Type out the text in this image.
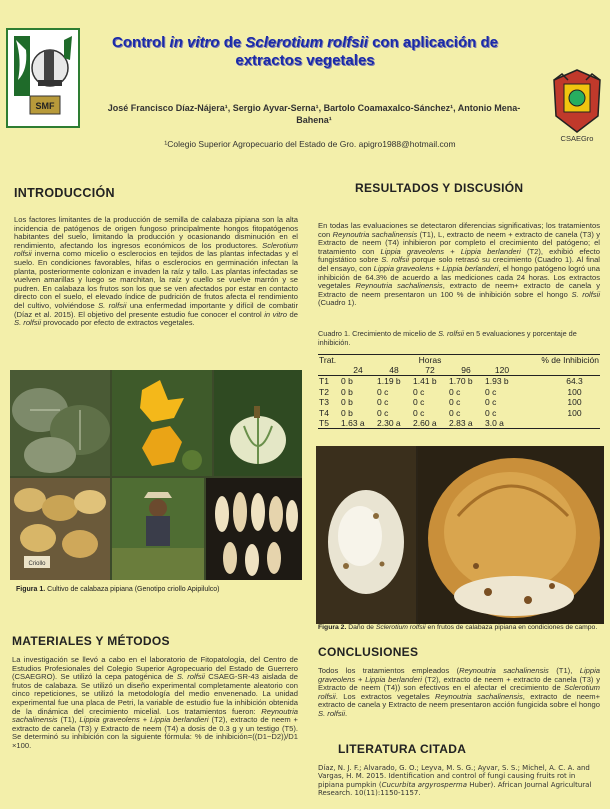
SMF
CSAEGro
Control in vitro de Sclerotium rolfsii con aplicación de extractos vegetales
José Francisco Díaz-Nájera¹, Sergio Ayvar-Serna¹, Bartolo Coamaxalco-Sánchez¹, Antonio Mena-Bahena¹
¹Colegio Superior Agropecuario del Estado de Gro. apigro1988@hotmail.com
INTRODUCCIÓN
Los factores limitantes de la producción de semilla de calabaza pipiana son la alta incidencia de patógenos de origen fungoso principalmente hongos fitopatógenos habitantes del suelo, limitando la producción y ocasionando disminución en el rendimiento, afectando los ingresos económicos de los productores. Sclerotium rolfsii inverna como micelio o esclerocios en tejidos de las plantas infectadas y el suelo. En condiciones favorables, hifas o esclerocios en germinación infectan la planta, posteriormente colonizan e invaden la raíz y tallo. Las plantas infectadas se vuelven amarillas y luego se marchitan, la raíz y cuello se vuelve marrón y se pudren. En calabaza los frutos son los que se ven afectados por estar en contacto directo con el suelo, el elevado índice de pudrición de frutos afecta el rendimiento del cultivo, volviéndose S. rolfsii una enfermedad importante y difícil de combatir (Díaz et al. 2015). El objetivo del presente estudio fue conocer el control in vitro de S. rolfsii provocado por efecto de extractos vegetales.
Criollo
Figura 1. Cultivo de calabaza pipiana (Genotipo criollo Apipilulco)
MATERIALES Y MÉTODOS
La investigación se llevó a cabo en el laboratorio de Fitopatología, del Centro de Estudios Profesionales del Colegio Superior Agropecuario del Estado de Guerrero (CSAEGRO). Se utilizó la cepa patogénica de S. rolfsii CSAEG-SR-43 aislada de frutos de calabaza. Se utilizó un diseño experimental completamente aleatorio con cinco repeticiones, se utilizó la metodología del medio envenenado. La unidad experimental fue una placa de Petri, la variable de estudio fue la inhibición obtenida de la dinámica del crecimiento micelial. Los tratamientos fueron: Reynoutria sachalinensis (T1), Lippia graveolens + Lippia berlandieri (T2), extracto de neem + extracto de canela (T3) y Extracto de neem (T4) a dosis de 0.3 g y un testigo (T5). Se determinó su inhibición con la siguiente fórmula: % de inhibición=((D1−D2))/D1 ×100.
RESULTADOS Y DISCUSIÓN
En todas las evaluaciones se detectaron diferencias significativas; los tratamientos con Reynoutria sachalinensis (T1), L, extracto de neem + extracto de canela (T3) y Extracto de neem (T4) inhibieron por completo el crecimiento del patógeno; el tratamiento con Lippia graveolens + Lippia berlanderi (T2), exhibió efecto fungistático sobre S. rolfsii porque solo retrasó su crecimiento (Cuadro 1). Al final del ensayo, con Lippia graveolens + Lippia berlanderi, el hongo patógeno logró una inhibición de 64.3% de acuerdo a las mediciones cada 24 horas. Los extractos vegetales Reynoutria sachalinensis, extracto de neem+ extracto de canela y Extracto de neem presentaron un 100 % de inhibición sobre el hongo S. rolfsii (Cuadro 1).
Cuadro 1. Crecimiento de micelio de S. rolfsii en 5 evaluaciones y porcentaje de inhibición.
Trat.	Horas					% de Inhibición
	24	48	72	96	120	
T1	0 b	1.19 b	1.41 b	1.70 b	1.93 b	64.3
T2	0 b	0 c	0 c	0 c	0 c	100
T3	0 b	0 c	0 c	0 c	0 c	100
T4	0 b	0 c	0 c	0 c	0 c	100
T5	1.63 a	2.30 a	2.60 a	2.83 a	3.0 a	
Figura 2. Daño de Sclerotium rolfsii en frutos de calabaza pipiana en condiciones de campo.
CONCLUSIONES
Todos los tratamientos empleados (Reynoutria sachalinensis (T1), Lippia graveolens + Lippia berlanderi (T2), extracto de neem + extracto de canela (T3) y Extracto de neem (T4)) son efectivos en el afectar el crecimiento de Sclerotium rolfsii. Los extractos vegetales Reynoutria sachalinensis, extracto de neem+ extracto de canela y Extracto de neem presentaron acción fungicida sobre el hongo S. rolfsii.
LITERATURA CITADA
Díaz, N. J. F.; Alvarado, G. O.; Leyva, M. S. G.; Ayvar, S. S.; Michel, A. C. A. and Vargas, H. M. 2015. Identification and control of fungi causing fruits rot in pipiana pumpkin (Cucurbita argyrosperma Huber). African Journal Agricultural Research. 10(11):1150-1157.
